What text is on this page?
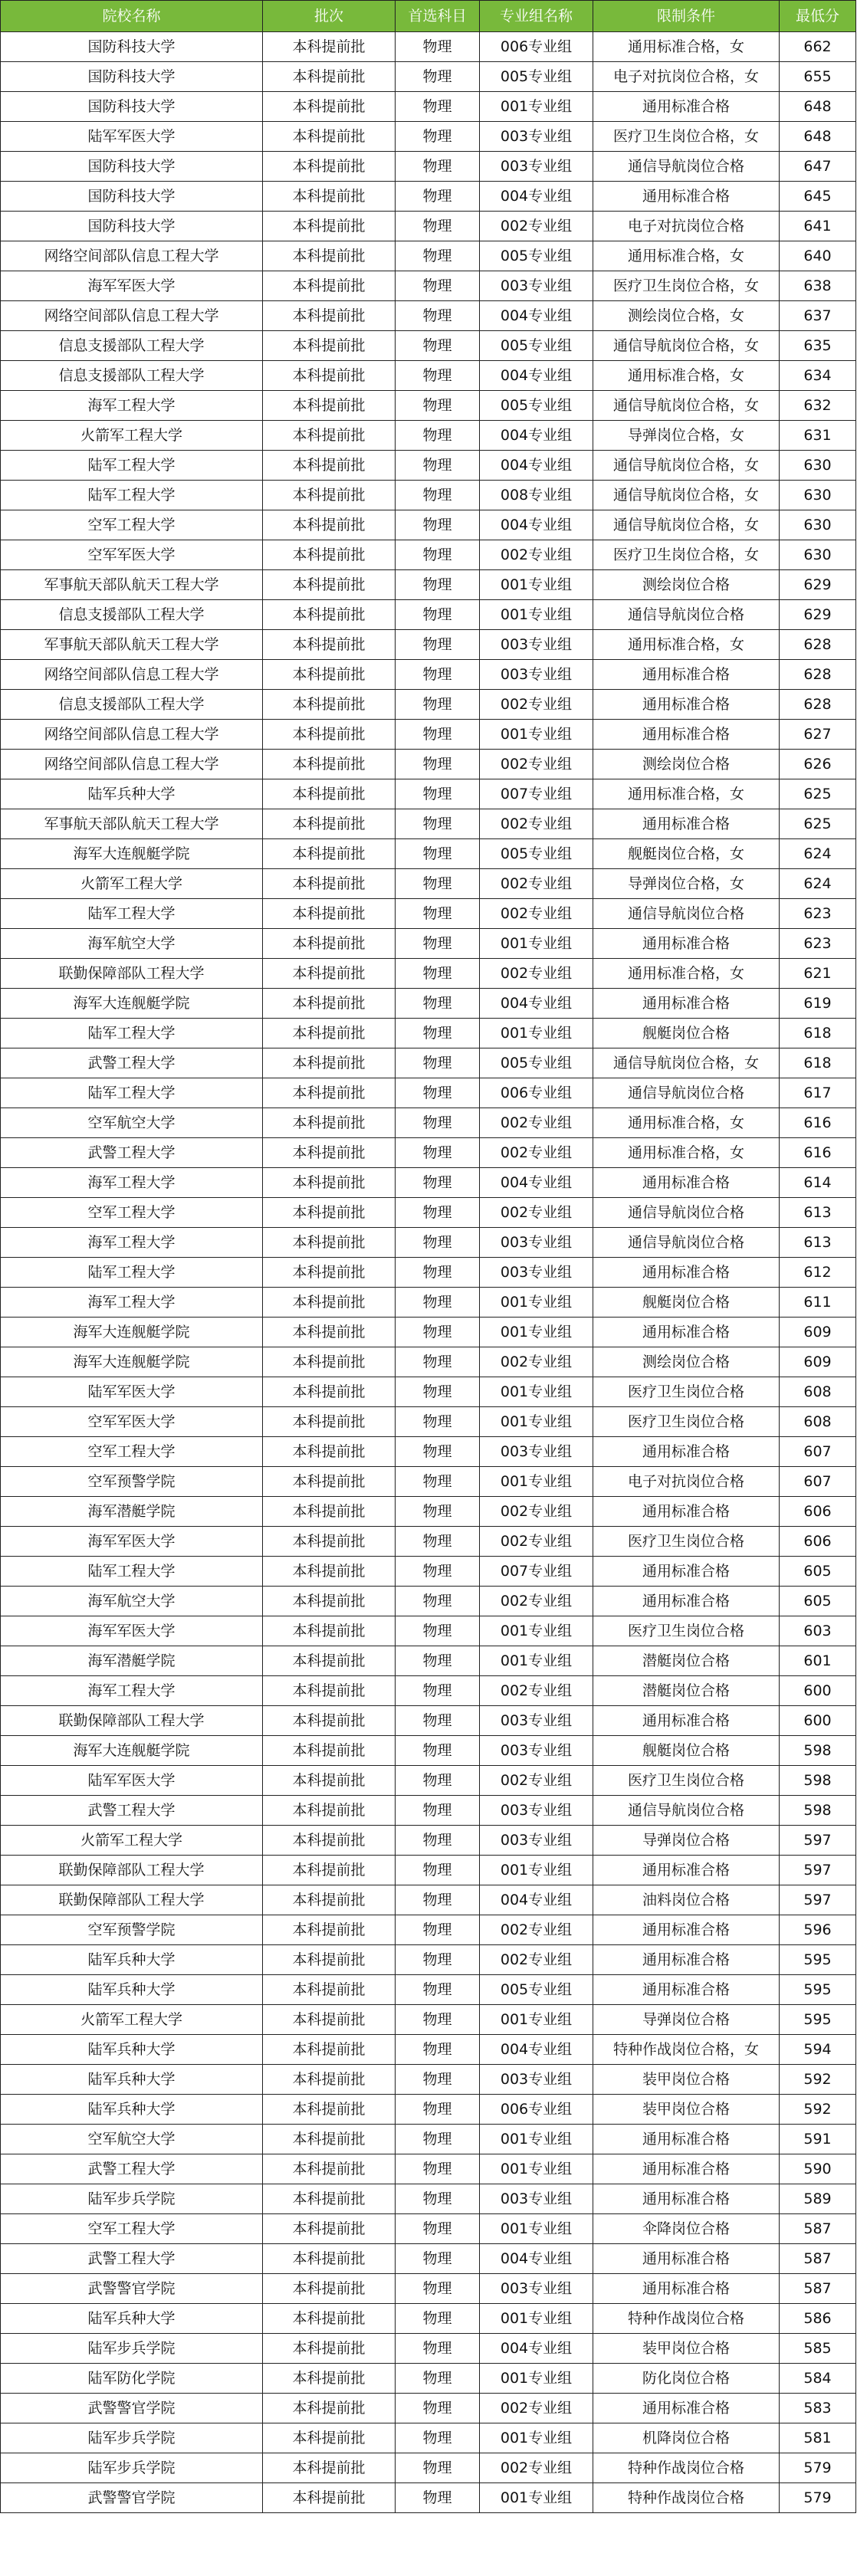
院校名称	批次	首选科目	专业组名称	限制条件	最低分
国防科技大学	本科提前批	物理	006专业组	通用标准合格，女	662
国防科技大学	本科提前批	物理	005专业组	电子对抗岗位合格，女	655
国防科技大学	本科提前批	物理	001专业组	通用标准合格	648
陆军军医大学	本科提前批	物理	003专业组	医疗卫生岗位合格，女	648
国防科技大学	本科提前批	物理	003专业组	通信导航岗位合格	647
国防科技大学	本科提前批	物理	004专业组	通用标准合格	645
国防科技大学	本科提前批	物理	002专业组	电子对抗岗位合格	641
网络空间部队信息工程大学	本科提前批	物理	005专业组	通用标准合格，女	640
海军军医大学	本科提前批	物理	003专业组	医疗卫生岗位合格，女	638
网络空间部队信息工程大学	本科提前批	物理	004专业组	测绘岗位合格，女	637
信息支援部队工程大学	本科提前批	物理	005专业组	通信导航岗位合格，女	635
信息支援部队工程大学	本科提前批	物理	004专业组	通用标准合格，女	634
海军工程大学	本科提前批	物理	005专业组	通信导航岗位合格，女	632
火箭军工程大学	本科提前批	物理	004专业组	导弹岗位合格，女	631
陆军工程大学	本科提前批	物理	004专业组	通信导航岗位合格，女	630
陆军工程大学	本科提前批	物理	008专业组	通信导航岗位合格，女	630
空军工程大学	本科提前批	物理	004专业组	通信导航岗位合格，女	630
空军军医大学	本科提前批	物理	002专业组	医疗卫生岗位合格，女	630
军事航天部队航天工程大学	本科提前批	物理	001专业组	测绘岗位合格	629
信息支援部队工程大学	本科提前批	物理	001专业组	通信导航岗位合格	629
军事航天部队航天工程大学	本科提前批	物理	003专业组	通用标准合格，女	628
网络空间部队信息工程大学	本科提前批	物理	003专业组	通用标准合格	628
信息支援部队工程大学	本科提前批	物理	002专业组	通用标准合格	628
网络空间部队信息工程大学	本科提前批	物理	001专业组	通用标准合格	627
网络空间部队信息工程大学	本科提前批	物理	002专业组	测绘岗位合格	626
陆军兵种大学	本科提前批	物理	007专业组	通用标准合格，女	625
军事航天部队航天工程大学	本科提前批	物理	002专业组	通用标准合格	625
海军大连舰艇学院	本科提前批	物理	005专业组	舰艇岗位合格，女	624
火箭军工程大学	本科提前批	物理	002专业组	导弹岗位合格，女	624
陆军工程大学	本科提前批	物理	002专业组	通信导航岗位合格	623
海军航空大学	本科提前批	物理	001专业组	通用标准合格	623
联勤保障部队工程大学	本科提前批	物理	002专业组	通用标准合格，女	621
海军大连舰艇学院	本科提前批	物理	004专业组	通用标准合格	619
陆军工程大学	本科提前批	物理	001专业组	舰艇岗位合格	618
武警工程大学	本科提前批	物理	005专业组	通信导航岗位合格，女	618
陆军工程大学	本科提前批	物理	006专业组	通信导航岗位合格	617
空军航空大学	本科提前批	物理	002专业组	通用标准合格，女	616
武警工程大学	本科提前批	物理	002专业组	通用标准合格，女	616
海军工程大学	本科提前批	物理	004专业组	通用标准合格	614
空军工程大学	本科提前批	物理	002专业组	通信导航岗位合格	613
海军工程大学	本科提前批	物理	003专业组	通信导航岗位合格	613
陆军工程大学	本科提前批	物理	003专业组	通用标准合格	612
海军工程大学	本科提前批	物理	001专业组	舰艇岗位合格	611
海军大连舰艇学院	本科提前批	物理	001专业组	通用标准合格	609
海军大连舰艇学院	本科提前批	物理	002专业组	测绘岗位合格	609
陆军军医大学	本科提前批	物理	001专业组	医疗卫生岗位合格	608
空军军医大学	本科提前批	物理	001专业组	医疗卫生岗位合格	608
空军工程大学	本科提前批	物理	003专业组	通用标准合格	607
空军预警学院	本科提前批	物理	001专业组	电子对抗岗位合格	607
海军潜艇学院	本科提前批	物理	002专业组	通用标准合格	606
海军军医大学	本科提前批	物理	002专业组	医疗卫生岗位合格	606
陆军工程大学	本科提前批	物理	007专业组	通用标准合格	605
海军航空大学	本科提前批	物理	002专业组	通用标准合格	605
海军军医大学	本科提前批	物理	001专业组	医疗卫生岗位合格	603
海军潜艇学院	本科提前批	物理	001专业组	潜艇岗位合格	601
海军工程大学	本科提前批	物理	002专业组	潜艇岗位合格	600
联勤保障部队工程大学	本科提前批	物理	003专业组	通用标准合格	600
海军大连舰艇学院	本科提前批	物理	003专业组	舰艇岗位合格	598
陆军军医大学	本科提前批	物理	002专业组	医疗卫生岗位合格	598
武警工程大学	本科提前批	物理	003专业组	通信导航岗位合格	598
火箭军工程大学	本科提前批	物理	003专业组	导弹岗位合格	597
联勤保障部队工程大学	本科提前批	物理	001专业组	通用标准合格	597
联勤保障部队工程大学	本科提前批	物理	004专业组	油料岗位合格	597
空军预警学院	本科提前批	物理	002专业组	通用标准合格	596
陆军兵种大学	本科提前批	物理	002专业组	通用标准合格	595
陆军兵种大学	本科提前批	物理	005专业组	通用标准合格	595
火箭军工程大学	本科提前批	物理	001专业组	导弹岗位合格	595
陆军兵种大学	本科提前批	物理	004专业组	特种作战岗位合格，女	594
陆军兵种大学	本科提前批	物理	003专业组	装甲岗位合格	592
陆军兵种大学	本科提前批	物理	006专业组	装甲岗位合格	592
空军航空大学	本科提前批	物理	001专业组	通用标准合格	591
武警工程大学	本科提前批	物理	001专业组	通用标准合格	590
陆军步兵学院	本科提前批	物理	003专业组	通用标准合格	589
空军工程大学	本科提前批	物理	001专业组	伞降岗位合格	587
武警工程大学	本科提前批	物理	004专业组	通用标准合格	587
武警警官学院	本科提前批	物理	003专业组	通用标准合格	587
陆军兵种大学	本科提前批	物理	001专业组	特种作战岗位合格	586
陆军步兵学院	本科提前批	物理	004专业组	装甲岗位合格	585
陆军防化学院	本科提前批	物理	001专业组	防化岗位合格	584
武警警官学院	本科提前批	物理	002专业组	通用标准合格	583
陆军步兵学院	本科提前批	物理	001专业组	机降岗位合格	581
陆军步兵学院	本科提前批	物理	002专业组	特种作战岗位合格	579
武警警官学院	本科提前批	物理	001专业组	特种作战岗位合格	579
